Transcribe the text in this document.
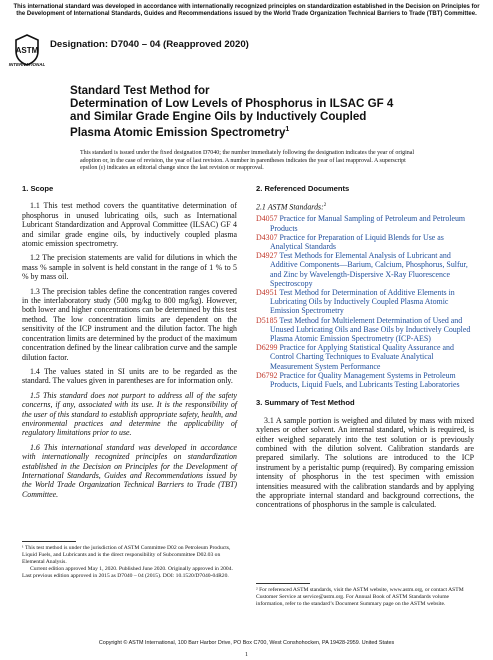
This international standard was developed in accordance with internationally recognized principles on standardization established in the Decision on Principles for the Development of International Standards, Guides and Recommendations issued by the World Trade Organization Technical Barriers to Trade (TBT) Committee.
ASTM
INTERNATIONAL
Designation: D7040 – 04 (Reapproved 2020)
Standard Test Method for
Determination of Low Levels of Phosphorus in ILSAC GF 4
and Similar Grade Engine Oils by Inductively Coupled
Plasma Atomic Emission Spectrometry$^1$
This standard is issued under the fixed designation D7040; the number immediately following the designation indicates the year of original adoption or, in the case of revision, the year of last revision. A number in parentheses indicates the year of last reapproval. A superscript epsilon (ε) indicates an editorial change since the last revision or reapproval.
1. Scope

1.1 This test method covers the quantitative determination of phosphorus in unused lubricating oils, such as International Lubricant Standardization and Approval Committee (ILSAC) GF 4 and similar grade engine oils, by inductively coupled plasma atomic emission spectrometry.

1.2 The precision statements are valid for dilutions in which the mass % sample in solvent is held constant in the range of 1 % to 5 % by mass oil.

1.3 The precision tables define the concentration ranges covered in the interlaboratory study (500 mg/kg to 800 mg/kg). However, both lower and higher concentrations can be determined by this test method. The low concentration limits are dependent on the sensitivity of the ICP instrument and the dilution factor. The high concentration limits are determined by the product of the maximum concentration defined by the linear calibration curve and the sample dilution factor.

1.4 The values stated in SI units are to be regarded as the standard. The values given in parentheses are for information only.

1.5 This standard does not purport to address all of the safety concerns, if any, associated with its use. It is the responsibility of the user of this standard to establish appropriate safety, health, and environmental practices and determine the applicability of regulatory limitations prior to use.

1.6 This international standard was developed in accordance with internationally recognized principles on standardization established in the Decision on Principles for the Development of International Standards, Guides and Recommendations issued by the World Trade Organization Technical Barriers to Trade (TBT) Committee.

2. Referenced Documents
2.1 ASTM Standards:$^2$
D4057 Practice for Manual Sampling of Petroleum and Petroleum Products
D4307 Practice for Preparation of Liquid Blends for Use as Analytical Standards
D4927 Test Methods for Elemental Analysis of Lubricant and Additive Components—Barium, Calcium, Phosphorus, Sulfur, and Zinc by Wavelength-Dispersive X-Ray Fluorescence Spectroscopy
D4951 Test Method for Determination of Additive Elements in Lubricating Oils by Inductively Coupled Plasma Atomic Emission Spectrometry
D5185 Test Method for Multielement Determination of Used and Unused Lubricating Oils and Base Oils by Inductively Coupled Plasma Atomic Emission Spectrometry (ICP-AES)
D6299 Practice for Applying Statistical Quality Assurance and Control Charting Techniques to Evaluate Analytical Measurement System Performance
D6792 Practice for Quality Management Systems in Petroleum Products, Liquid Fuels, and Lubricants Testing Laboratories
3. Summary of Test Method

3.1 A sample portion is weighed and diluted by mass with mixed xylenes or other solvent. An internal standard, which is required, is either weighed separately into the test solution or is previously combined with the dilution solvent. Calibration standards are prepared similarly. The solutions are introduced to the ICP instrument by a peristaltic pump (required). By comparing emission intensity of phosphorus in the test specimen with emission intensities measured with the calibration standards and by applying the appropriate internal standard and background corrections, the concentrations of phosphorus in the sample is calculated.

¹ This test method is under the jurisdiction of ASTM Committee D02 on Petroleum Products, Liquid Fuels, and Lubricants and is the direct responsibility of Subcommittee D02.03 on Elemental Analysis.
Current edition approved May 1, 2020. Published June 2020. Originally approved in 2004. Last previous edition approved in 2015 as D7040 – 04 (2015). DOI: 10.1520/D7040-04R20.
² For referenced ASTM standards, visit the ASTM website, www.astm.org, or contact ASTM Customer Service at service@astm.org. For Annual Book of ASTM Standards volume information, refer to the standard’s Document Summary page on the ASTM website.
Copyright © ASTM International, 100 Barr Harbor Drive, PO Box C700, West Conshohocken, PA 19428-2959. United States
1
